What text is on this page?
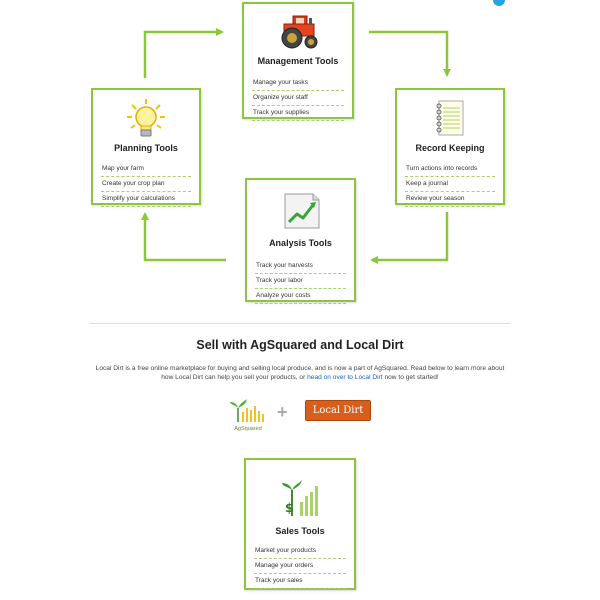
Management Tools
Manage your tasks
Organize your staff
Track your supplies
Planning Tools
Map your farm
Create your crop plan
Simplify your calculations
Record Keeping
Turn actions into records
Keep a journal
Review your season
Analysis Tools
Track your harvests
Track your labor
Analyze your costs
Sell with AgSquared and Local Dirt
Local Dirt is a free online marketplace for buying and selling local produce, and is now a part of AgSquared. Read below to learn more about how Local Dirt can help you sell your products, or head on over to Local Dirt now to get started!
AgSquared
+	Local Dirt
$
Sales Tools
Market your products
Manage your orders
Track your sales
